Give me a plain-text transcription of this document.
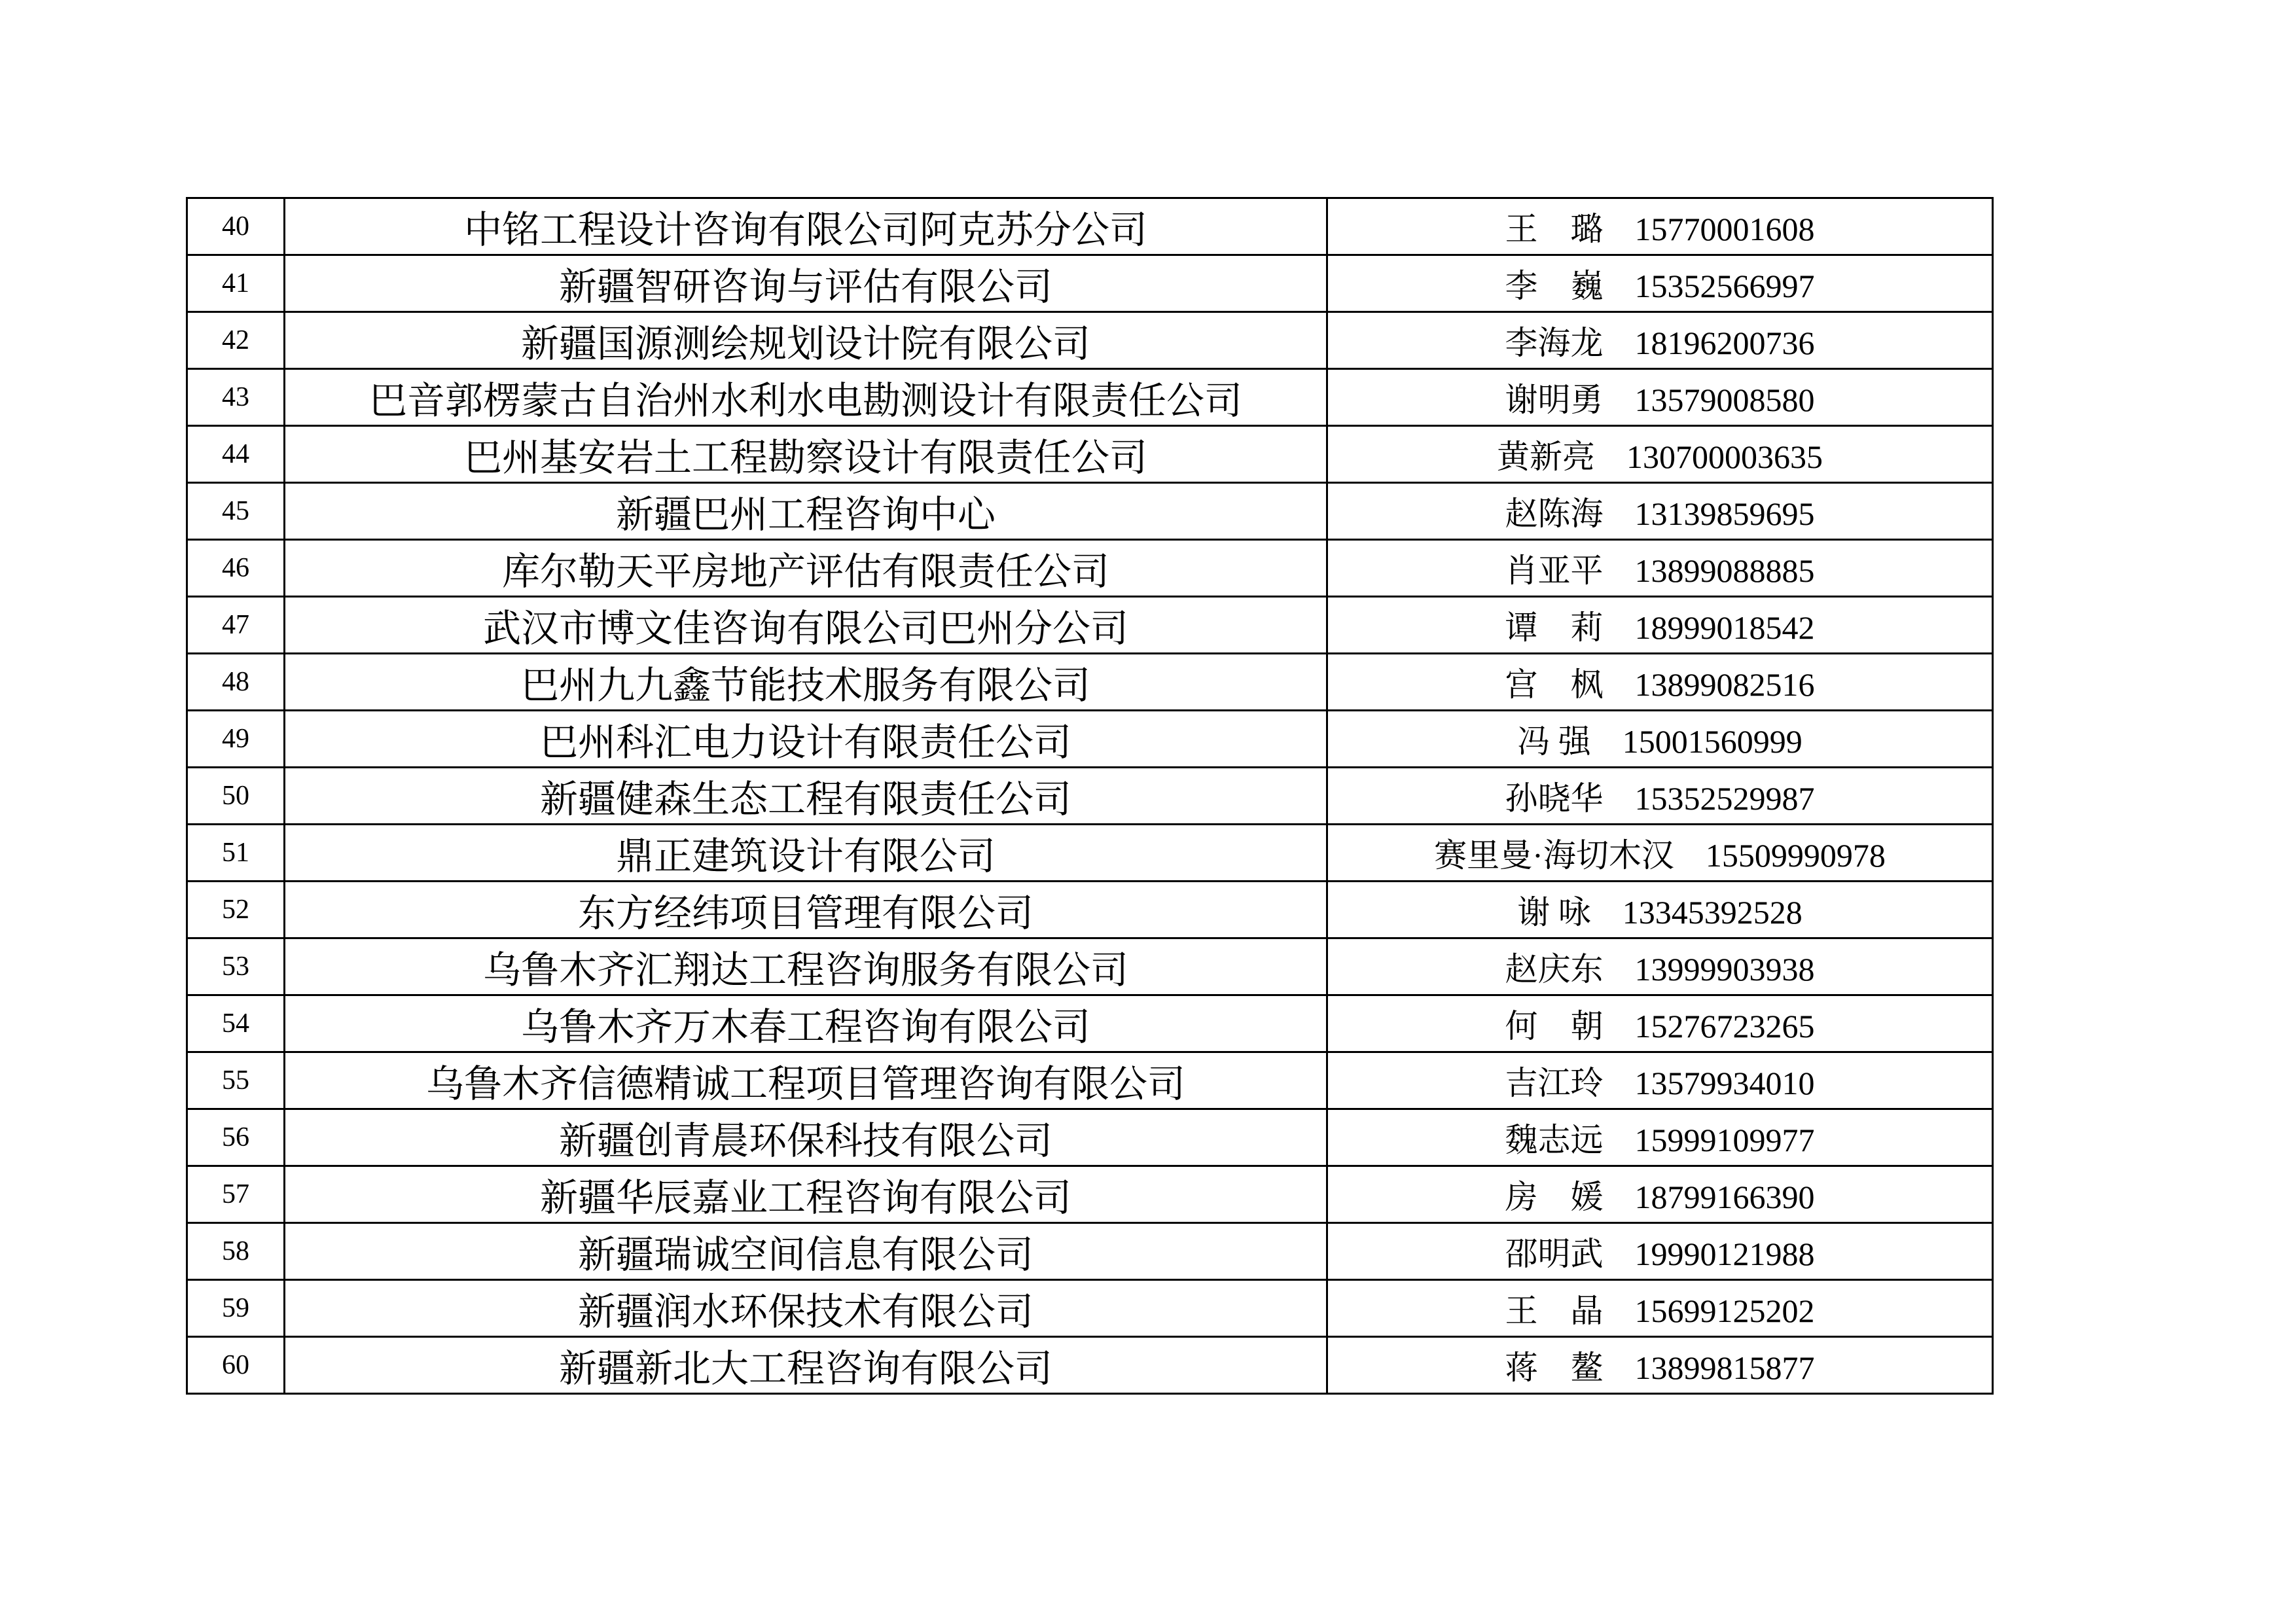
40	中铭工程设计咨询有限公司阿克苏分公司	王　璐 15770001608
41	新疆智研咨询与评估有限公司	李　巍 15352566997
42	新疆国源测绘规划设计院有限公司	李海龙 18196200736
43	巴音郭楞蒙古自治州水利水电勘测设计有限责任公司	谢明勇 13579008580
44	巴州基安岩土工程勘察设计有限责任公司	黄新亮 130700003635
45	新疆巴州工程咨询中心	赵陈海 13139859695
46	库尔勒天平房地产评估有限责任公司	肖亚平 13899088885
47	武汉市博文佳咨询有限公司巴州分公司	谭　莉 18999018542
48	巴州九九鑫节能技术服务有限公司	宫　枫 13899082516
49	巴州科汇电力设计有限责任公司	冯 强 15001560999
50	新疆健森生态工程有限责任公司	孙晓华 15352529987
51	鼎正建筑设计有限公司	赛里曼·海切木汉 15509990978
52	东方经纬项目管理有限公司	谢 咏 13345392528
53	乌鲁木齐汇翔达工程咨询服务有限公司	赵庆东 13999903938
54	乌鲁木齐万木春工程咨询有限公司	何　朝 15276723265
55	乌鲁木齐信德精诚工程项目管理咨询有限公司	吉江玲 13579934010
56	新疆创青晨环保科技有限公司	魏志远 15999109977
57	新疆华辰嘉业工程咨询有限公司	房　媛 18799166390
58	新疆瑞诚空间信息有限公司	邵明武 19990121988
59	新疆润水环保技术有限公司	王　晶 15699125202
60	新疆新北大工程咨询有限公司	蒋　鳌 13899815877
